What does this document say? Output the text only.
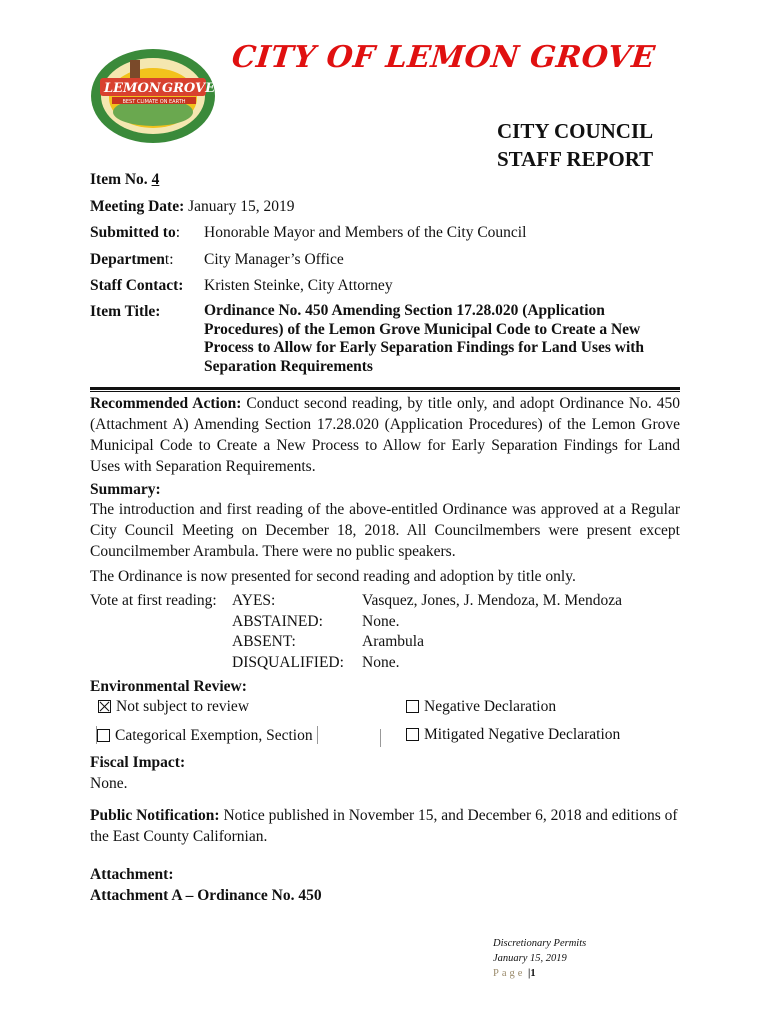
LEMON GROVE
BEST CLIMATE ON EARTH
CITY OF LEMON GROVE
CITY COUNCIL
STAFF REPORT
Item No. 4
Meeting Date: January 15, 2019
Submitted to: Honorable Mayor and Members of the City Council
Department: City Manager’s Office
Staff Contact: Kristen Steinke, City Attorney
Item Title:	Ordinance No. 450 Amending Section 17.28.020 (Application Procedures) of the Lemon Grove Municipal Code to Create a New Process to Allow for Early Separation Findings for Land Uses with Separation Requirements
Recommended Action: Conduct second reading, by title only, and adopt Ordinance No. 450 (Attachment A) Amending Section 17.28.020 (Application Procedures) of the Lemon Grove Municipal Code to Create a New Process to Allow for Early Separation Findings for Land Uses with Separation Requirements.
Summary:
The introduction and first reading of the above-entitled Ordinance was approved at a Regular City Council Meeting on December 18, 2018. All Councilmembers were present except Councilmember Arambula. There were no public speakers.
The Ordinance is now presented for second reading and adoption by title only.
Vote at first reading:	AYES:	Vasquez, Jones, J. Mendoza, M. Mendoza
	ABSTAINED:	None.
	ABSENT:	Arambula
	DISQUALIFIED:	None.
Environmental Review:
Not subject to review	Negative Declaration
Categorical Exemption, Section	Mitigated Negative Declaration
Fiscal Impact:
None.
Public Notification: Notice published in November 15, and December 6, 2018 and editions of the East County Californian.
Attachment:
Attachment A – Ordinance No. 450
Discretionary Permits
January 15, 2019
Page |1
